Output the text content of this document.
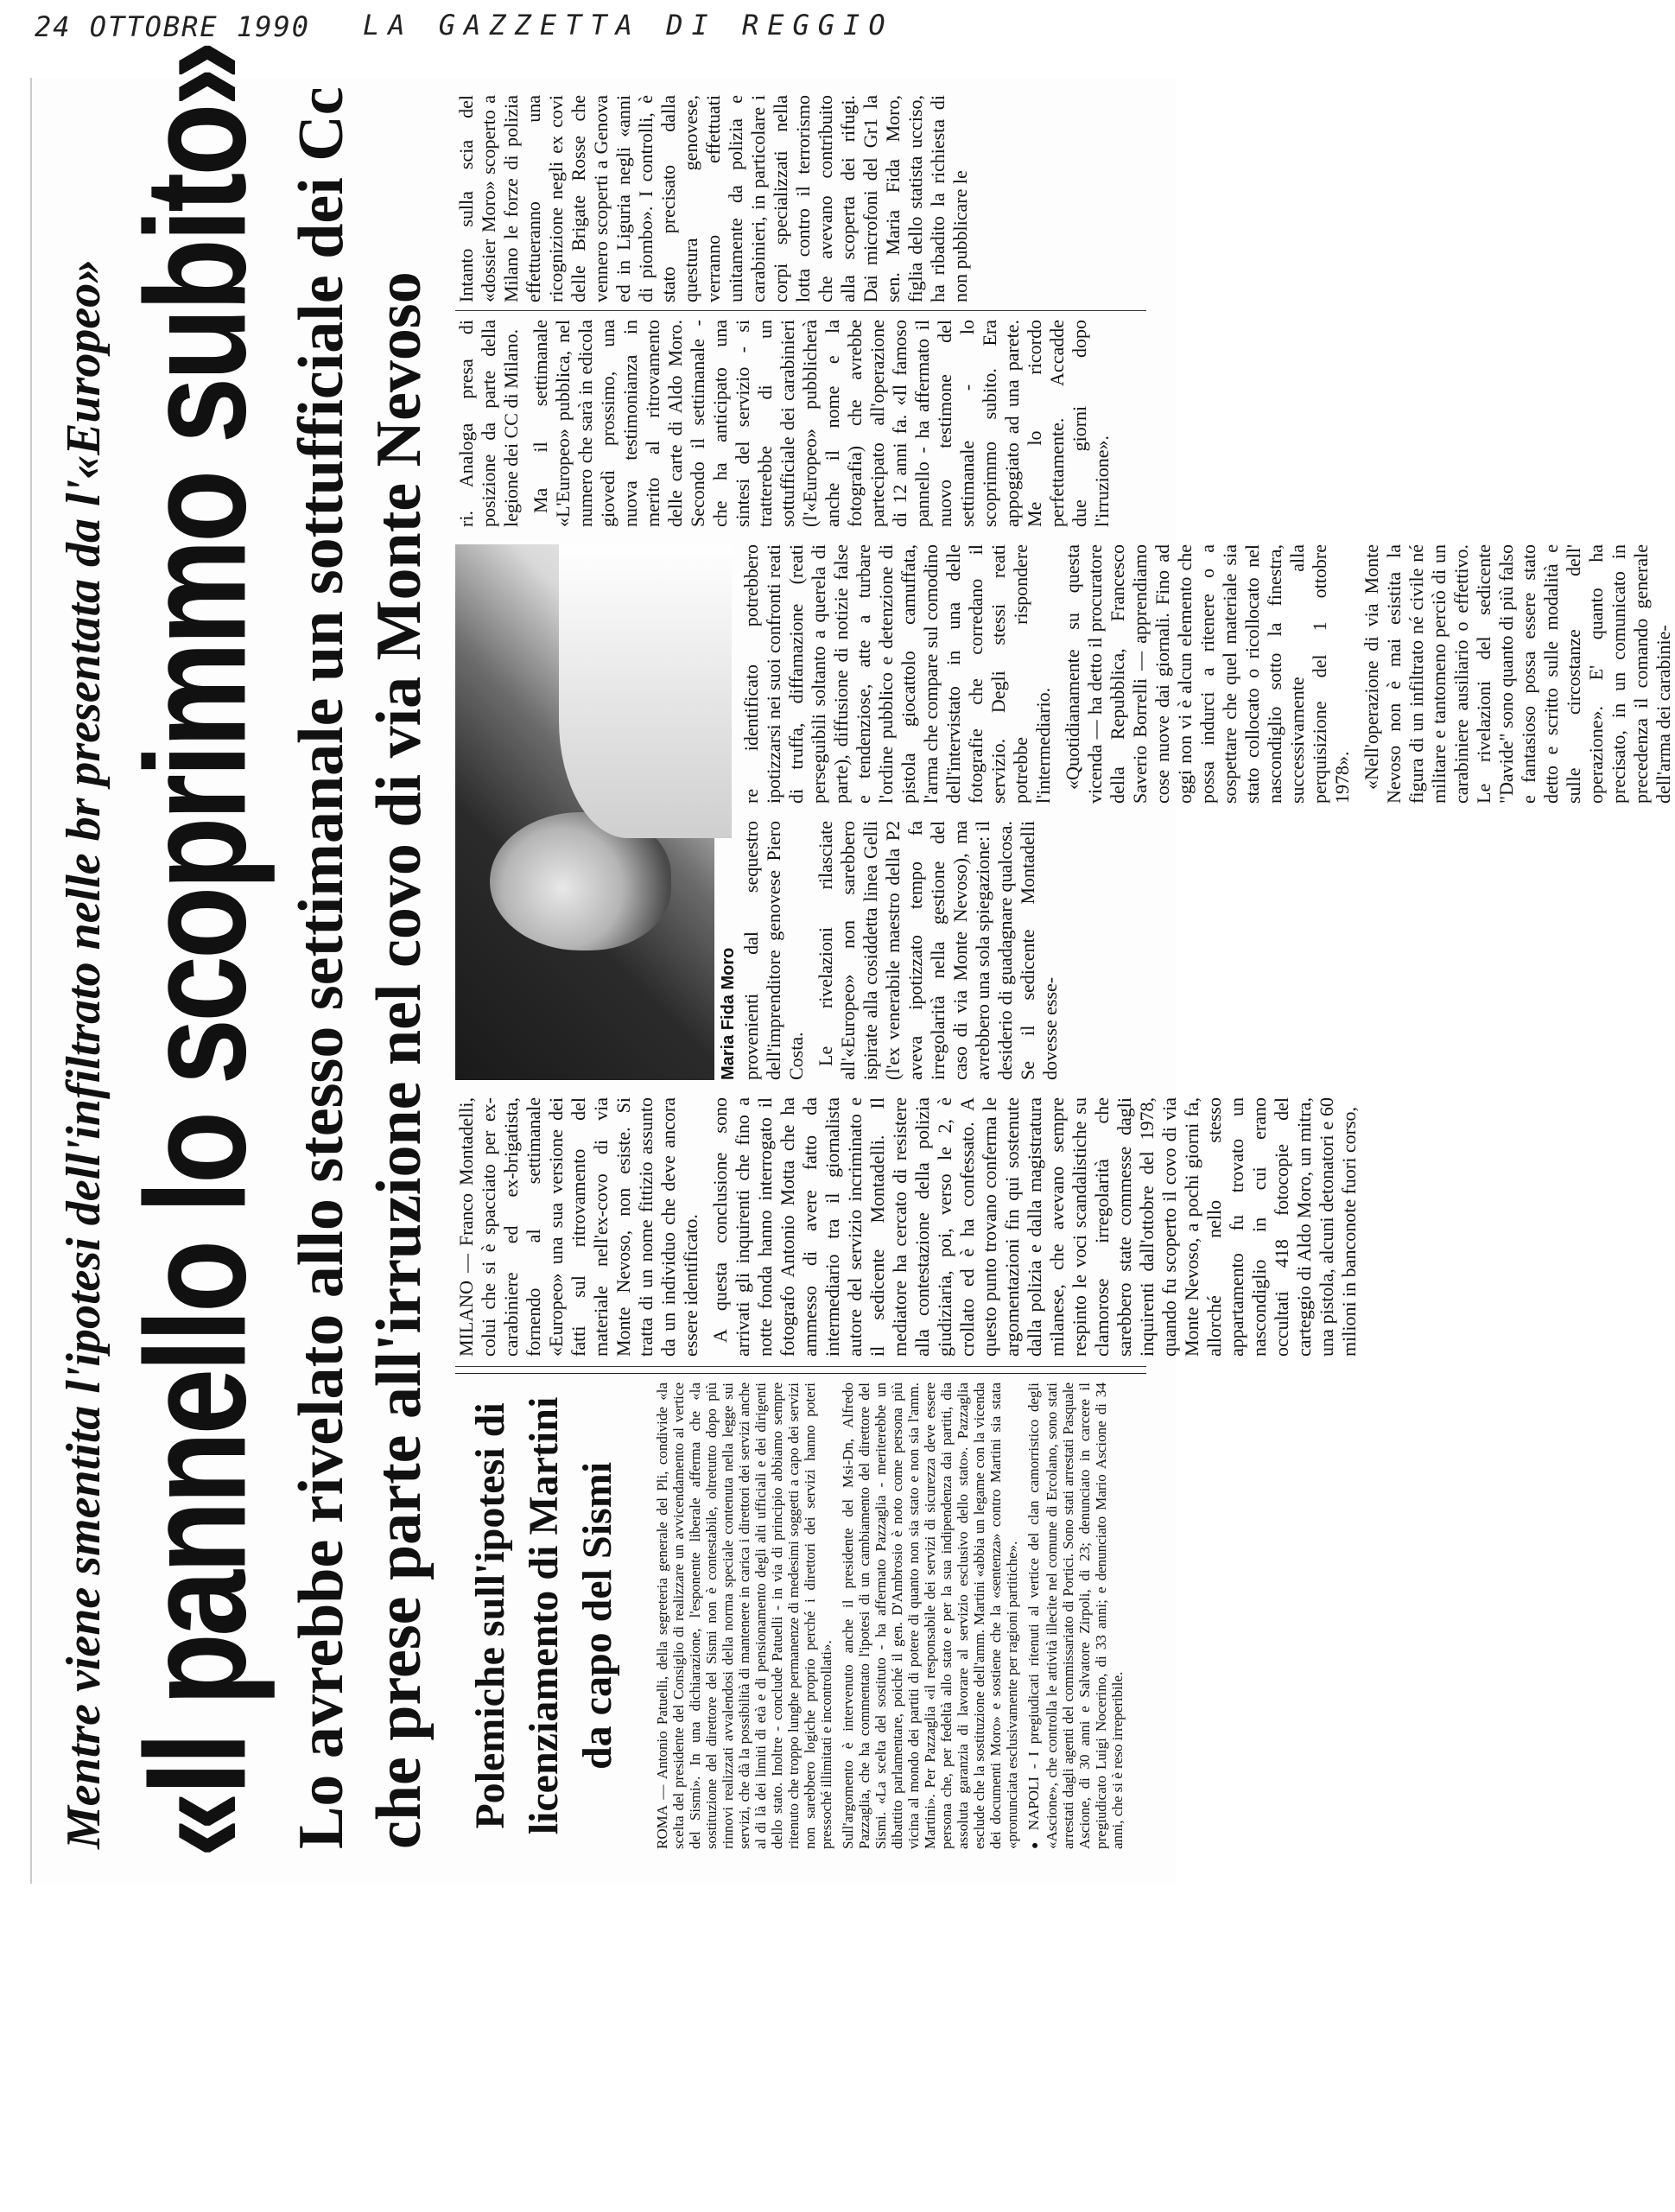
24 OTTOBRE 1990 LA GAZZETTA DI REGGIO
Mentre viene smentita l'ipotesi dell'infiltrato nelle br presentata da l'«Europeo» «Il pannello lo scoprimmo subito» Lo avrebbe rivelato allo stesso settimanale un sottufficiale dei Cc che prese parte all'irruzione nel covo di via Monte Nevoso Polemiche sull'ipotesi di licenziamento di Martini da capo del Sismi	ROMA — Antonio Patuelli, della segreteria generale del Pli, condivide «la scelta del presidente del Consiglio di realizzare un avvicendamento al vertice del Sismi». In una dichiarazione, l'esponente liberale afferma che «la sostituzione del direttore del Sismi non è contestabile, oltretutto dopo più rinnovi realizzati avvalendosi della norma speciale contenuta nella legge sui servizi, che dà la possibilità di mantenere in carica i direttori dei servizi anche al di là dei limiti di età e di pensionamento degli alti ufficiali e dei dirigenti dello stato. Inoltre - conclude Patuelli - in via di principio abbiamo sempre ritenuto che troppo lunghe permanenze di medesimi soggetti a capo dei servizi non sarebbero logiche proprio perché i direttori dei servizi hanno poteri pressoché illimitati e incontrollati». Sull'argomento è intervenuto anche il presidente del Msi-Dn, Alfredo Pazzaglia, che ha commentato l'ipotesi di un cambiamento del direttore del Sismi. «La scelta del sostituto - ha affermato Pazzaglia - meriterebbe un dibattito parlamentare, poiché il gen. D'Ambrosio è noto come persona più vicina al mondo dei partiti di potere di quanto non sia stato e non sia l'amm. Martini». Per Pazzaglia «il responsabile dei servizi di sicurezza deve essere persona che, per fedeltà allo stato e per la sua indipendenza dai partiti, dia assoluta garanzia di lavorare al servizio esclusivo dello stato». Pazzaglia esclude che la sostituzione dell'amm. Martini «abbia un legame con la vicenda dei documenti Moro» e sostiene che la «sentenza» contro Martini sia stata «pronunciata esclusivamente per ragioni partitiche». ● NAPOLI - I pregiudicati ritenuti al vertice del clan camorristico degli «Ascione», che controlla le attività illecite nel comune di Ercolano, sono stati arrestati dagli agenti del commissariato di Portici. Sono stati arrestati Pasquale Ascione, di 30 anni e Salvatore Zirpoli, di 23; denunciato in carcere il pregiudicato Luigi Nocerino, di 33 anni; e denunciato Mario Ascione di 34 anni, che si è reso irreperibile.

MILANO — Franco Montadelli, colui che si è spacciato per ex-carabiniere ed ex-brigatista, fornendo al settimanale «Europeo» una sua versione dei fatti sul ritrovamento del materiale nell'ex-covo di via Monte Nevoso, non esiste. Si tratta di un nome fittizio assunto da un individuo che deve ancora essere identificato. A questa conclusione sono arrivati gli inquirenti che fino a notte fonda hanno interrogato il fotografo Antonio Motta che ha ammesso di avere fatto da intermediario tra il giornalista autore del servizio incriminato e il sedicente Montadelli. Il mediatore ha cercato di resistere alla contestazione della polizia giudiziaria, poi, verso le 2, è crollato ed è ha confessato. A questo punto trovano conferma le argomentazioni fin qui sostenute dalla polizia e dalla magistratura milanese, che avevano sempre respinto le voci scandalistiche su clamorose irregolarità che sarebbero state commesse dagli inquirenti dall'ottobre del 1978, quando fu scoperto il covo di via Monte Nevoso, a pochi giorni fa, allorché nello stesso appartamento fu trovato un nascondiglio in cui erano occultati 418 fotocopie del carteggio di Aldo Moro, un mitra, una pistola, alcuni detonatori e 60 milioni in banconote fuori corso,

Maria Fida Moro provenienti dal sequestro dell'imprenditore genovese Piero Costa. Le rivelazioni rilasciate all'«Europeo» non sarebbero ispirate alla cosiddetta linea Gelli (l'ex venerabile maestro della P2 aveva ipotizzato tempo fa irregolarità nella gestione del caso di via Monte Nevoso), ma avrebbero una sola spiegazione: il desiderio di guadagnare qualcosa. Se il sedicente Montadelli dovesse esse-

re identificato potrebbero ipotizzarsi nei suoi confronti reati di truffa, diffamazione (reati perseguibili soltanto a querela di parte), diffusione di notizie false e tendenziose, atte a turbare l'ordine pubblico e detenzione di pistola giocattolo camuffata, l'arma che compare sul comodino dell'intervistato in una delle fotografie che corredano il servizio. Degli stessi reati potrebbe rispondere l'intermediario. «Quotidianamente su questa vicenda — ha detto il procuratore della Repubblica, Francesco Saverio Borrelli — apprendiamo cose nuove dai giornali. Fino ad oggi non vi è alcun elemento che possa indurci a ritenere o a sospettare che quel materiale sia stato collocato o ricollocato nel nascondiglio sotto la finestra, successivamente alla perquisizione del 1 ottobre 1978». «Nell'operazione di via Monte Nevoso non è mai esistita la figura di un infiltrato né civile né militare e tantomeno perciò di un carabiniere ausiliario o effettivo. Le rivelazioni del sedicente "Davide" sono quanto di più falso e fantasioso possa essere stato detto e scritto sulle modalità e sulle circostanze dell' operazione». E' quanto ha precisato, in un comunicato in precedenza il comando generale dell'arma dei carabinie-

ri. Analoga presa di posizione da parte della legione dei CC di Milano. Ma il settimanale «L'Europeo» pubblica, nel numero che sarà in edicola giovedì prossimo, una nuova testimonianza in merito al ritrovamento delle carte di Aldo Moro. Secondo il settimanale - che ha anticipato una sintesi del servizio - si tratterebbe di un sottufficiale dei carabinieri (l'«Europeo» pubblicherà anche il nome e la fotografia) che avrebbe partecipato all'operazione di 12 anni fa. «Il famoso pannello - ha affermato il nuovo testimone del settimanale - lo scoprimmo subito. Era appoggiato ad una parete. Me lo ricordo perfettamente. Accadde due giorni dopo l'irruzione».

Intanto sulla scia del «dossier Moro» scoperto a Milano le forze di polizia effettueranno una ricognizione negli ex covi delle Brigate Rosse che vennero scoperti a Genova ed in Liguria negli «anni di piombo». I controlli, è stato precisato dalla questura genovese, verranno effettuati unitamente da polizia e carabinieri, in particolare i corpi specializzati nella lotta contro il terrorismo che avevano contribuito alla scoperta dei rifugi. Dai microfoni del Gr1 la sen. Maria Fida Moro, figlia dello statista ucciso, ha ribadito la richiesta di non pubblicare le
